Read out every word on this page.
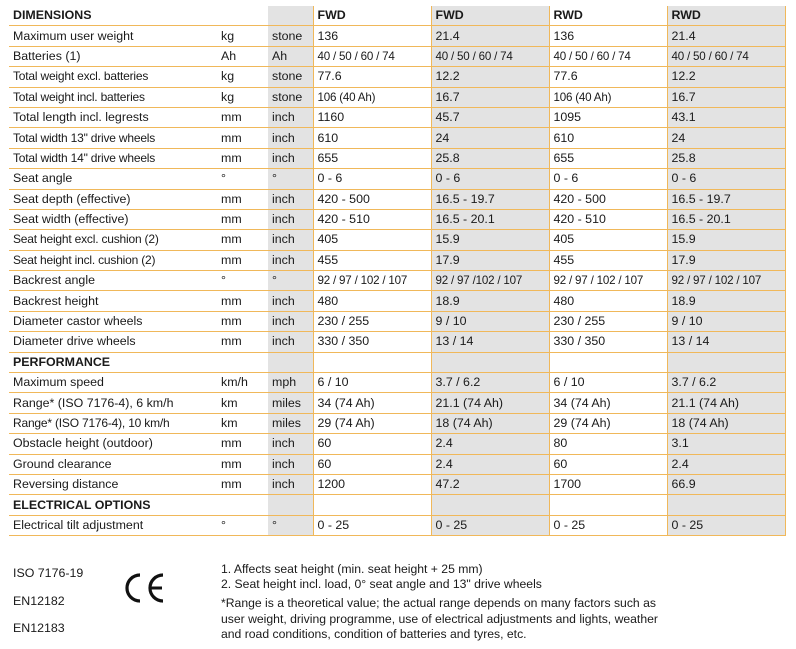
DIMENSIONS			FWD	FWD	RWD	RWD
Maximum user weight	kg	stone	136	21.4	136	21.4
Batteries (1)	Ah	Ah	40 / 50 / 60 / 74	40 / 50 / 60 / 74	40 / 50 / 60 / 74	40 / 50 / 60 / 74
Total weight excl. batteries	kg	stone	77.6	12.2	77.6	12.2
Total weight incl. batteries	kg	stone	106 (40 Ah)	16.7	106 (40 Ah)	16.7
Total length incl. legrests	mm	inch	1160	45.7	1095	43.1
Total width 13" drive wheels	mm	inch	610	24	610	24
Total width 14" drive wheels	mm	inch	655	25.8	655	25.8
Seat angle	°	°	0 - 6	0 - 6	0 - 6	0 - 6
Seat depth (effective)	mm	inch	420 - 500	16.5 - 19.7	420 - 500	16.5 - 19.7
Seat width (effective)	mm	inch	420 - 510	16.5 - 20.1	420 - 510	16.5 - 20.1
Seat height excl. cushion (2)	mm	inch	405	15.9	405	15.9
Seat height incl. cushion (2)	mm	inch	455	17.9	455	17.9
Backrest angle	°	°	92 / 97 / 102 / 107	92 / 97 /102 / 107	92 / 97 / 102 / 107	92 / 97 / 102 / 107
Backrest height	mm	inch	480	18.9	480	18.9
Diameter castor wheels	mm	inch	230 / 255	9 / 10	230 / 255	9 / 10
Diameter drive wheels	mm	inch	330 / 350	13 / 14	330 / 350	13 / 14
PERFORMANCE						
Maximum speed	km/h	mph	6 / 10	3.7 / 6.2	6 / 10	3.7 / 6.2
Range* (ISO 7176-4), 6 km/h	km	miles	34 (74 Ah)	21.1 (74 Ah)	34 (74 Ah)	21.1 (74 Ah)
Range* (ISO 7176-4), 10 km/h	km	miles	29 (74 Ah)	18 (74 Ah)	29 (74 Ah)	18 (74 Ah)
Obstacle height (outdoor)	mm	inch	60	2.4	80	3.1
Ground clearance	mm	inch	60	2.4	60	2.4
Reversing distance	mm	inch	1200	47.2	1700	66.9
ELECTRICAL OPTIONS						
Electrical tilt adjustment	°	°	0 - 25	0 - 25	0 - 25	0 - 25
ISO 7176-19
EN12182
EN12183
1. Affects seat height (min. seat height + 25 mm)
2. Seat height incl. load, 0° seat angle and 13" drive wheels
*Range is a theoretical value; the actual range depends on many factors such as user weight, driving programme, use of electrical adjustments and lights, weather and road conditions, condition of batteries and tyres, etc.
